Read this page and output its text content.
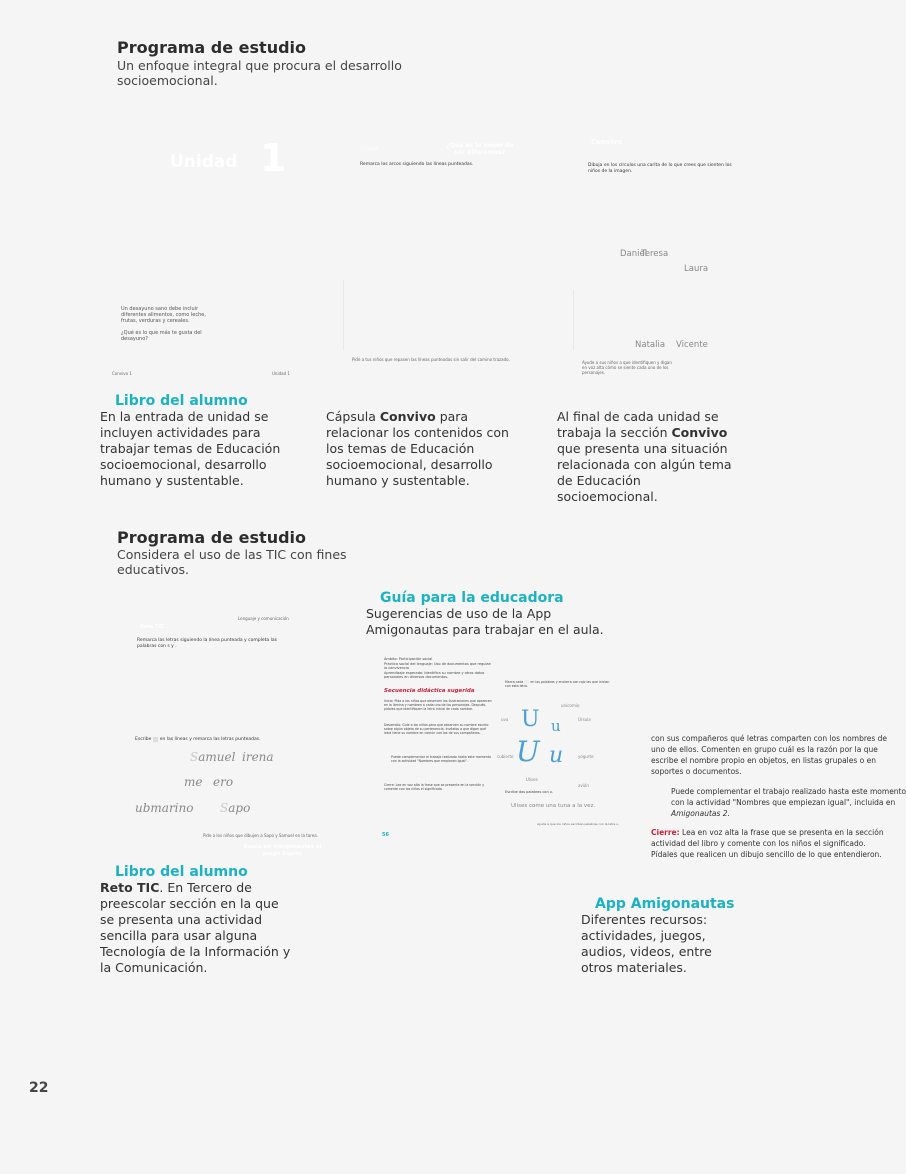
Programa de estudio
Un enfoque integral que procura el desarrollo socioemocional.
Unidad 1
Un desayuno sano debe incluir diferentes alimentos, como leche, frutas, verduras y cereales.
¿Qué es lo que más te gusta del desayuno?
Convivo 1	Unidad 1
Unidad	¿Qué es lo mejor de ser diferentes?
Remarca los arcos siguiendo las líneas punteadas.
Pide a tus niños que repasen las líneas punteadas sin salir del camino trazado.
Convivo
Dibuja en los círculos una carita de lo que crees que sienten los niños de la imagen.
Daniel
Teresa
Laura
Natalia Vicente
Ayude a sus niños a que identifiquen y digan en voz alta cómo se siente cada uno de los personajes.
Libro del alumno
En la entrada de unidad se incluyen actividades para trabajar temas de Educación socioemocional, desarrollo humano y sustentable.
Cápsula Convivo para relacionar los contenidos con los temas de Educación socioemocional, desarrollo humano y sustentable.
Al final de cada unidad se trabaja la sección Convivo que presenta una situación relacionada con algún tema de Educación socioemocional.
Programa de estudio
Considera el uso de las TIC con fines educativos.
Guía para la educadora
Sugerencias de uso de la App Amigonautas para trabajar en el aula.
Lenguaje y comunicación
Reto TIC
Remarca las letras siguiendo la línea punteada y completa las palabras con s y .
Escribe en las líneas y remarca las letras punteadas.
Samuel irena
me ero
ubmarino Sapo
Pide a los niños que dibujen a Sapo y Samuel en la tarea.
Busca en Amigonautas el juego Sapito
Ámbito: Participación social
Práctica social del lenguaje: Uso de documentos que regulan la convivencia
Aprendizaje esperado: Identifica su nombre y otros datos personales en diversos documentos.
Secuencia didáctica sugerida
Inicio: Pida a los niños que observen los ilustraciones que aparecen en la lámina y nombren a cada uno de los personajes. Después, pídales que identifiquen la letra inicial de cada nombre.
Desarrollo: Guíe a los niños para que observen su nombre escrito sobre algún objeto de su pertenencia. Invítelos a que digan qué letra tiene su nombre en común con los de sus compañeros.
Puede complementar el trabajo realizado hasta este momento con la actividad "Nombres que empiezan igual".
Cierre: Lea en voz alta la frase que se presenta en la sección y comente con los niños el significado.
56
Marca cada en las palabras y encierra con rojo las que inician con esta letra.
unicornio
uva	Úrsula
cubierto	yogurte
Ulises
avión
U u
U u
Escribe dos palabras con u.
Ulises come una tuna a la vez.
Ayude a que los niños escriban palabras con la letra u.
con sus compañeros qué letras comparten con los nombres de
uno de ellos. Comenten en grupo cuál es la razón por la que
escribe el nombre propio en objetos, en listas grupales o en
soportes o documentos.
Puede complementar el trabajo realizado hasta este momento
con la actividad "Nombres que empiezan igual", incluida en
Amigonautas 2.
Cierre: Lea en voz alta la frase que se presenta en la sección
actividad del libro y comente con los niños el significado.
Pídales que realicen un dibujo sencillo de lo que entendieron.
Libro del alumno
Reto TIC. En Tercero de preescolar sección en la que se presenta una actividad sencilla para usar alguna Tecnología de la Información y la Comunicación.
App Amigonautas
Diferentes recursos: actividades, juegos, audios, videos, entre otros materiales.
22
